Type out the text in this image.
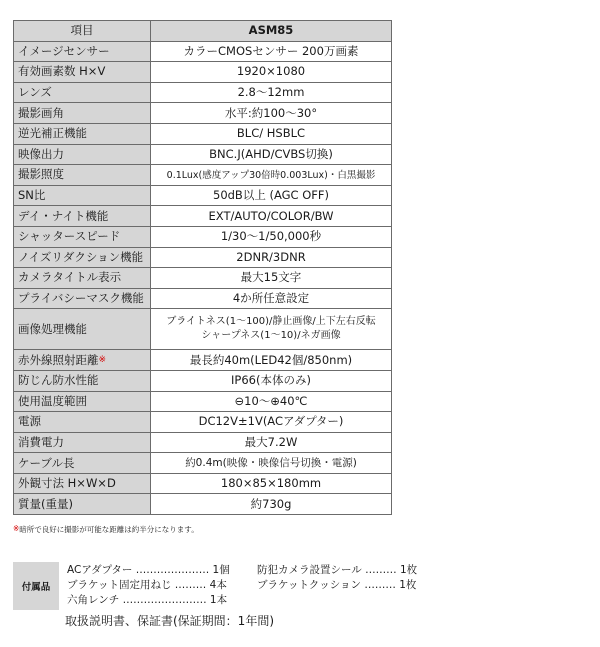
項目	ASM85
イメージセンサー	カラーCMOSセンサー 200万画素
有効画素数 H×V	1920×1080
レンズ	2.8～12mm
撮影画角	水平:約100～30°
逆光補正機能	BLC/ HSBLC
映像出力	BNC.J(AHD/CVBS切換)
撮影照度	0.1Lux(感度アップ30倍時0.003Lux)・白黒撮影
SN比	50dB以上 (AGC OFF)
デイ・ナイト機能	EXT/AUTO/COLOR/BW
シャッタースピード	1/30～1/50,000秒
ノイズリダクション機能	2DNR/3DNR
カメラタイトル表示	最大15文字
プライバシーマスク機能	4か所任意設定
画像処理機能	ブライトネス(1～100)/静止画像/上下左右反転
シャープネス(1～10)/ネガ画像

赤外線照射距離※	最長約40m(LED42個/850nm)
防じん防水性能	IP66(本体のみ)
使用温度範囲	⊖10～⊕40℃
電源	DC12V±1V(ACアダプター)
消費電力	最大7.2W
ケーブル長	約0.4m(映像・映像信号切換・電源)
外観寸法 H×W×D	180×85×180mm
質量(重量)	約730g
※暗所で良好に撮影が可能な距離は約半分になります。
付属品
ACアダプター ………………… 1個	防犯カメラ設置シール ……… 1枚
ブラケット固定用ねじ ……… 4本	ブラケットクッション ……… 1枚
六角レンチ …………………… 1本
取扱説明書、保証書(保証期間：1年間)
